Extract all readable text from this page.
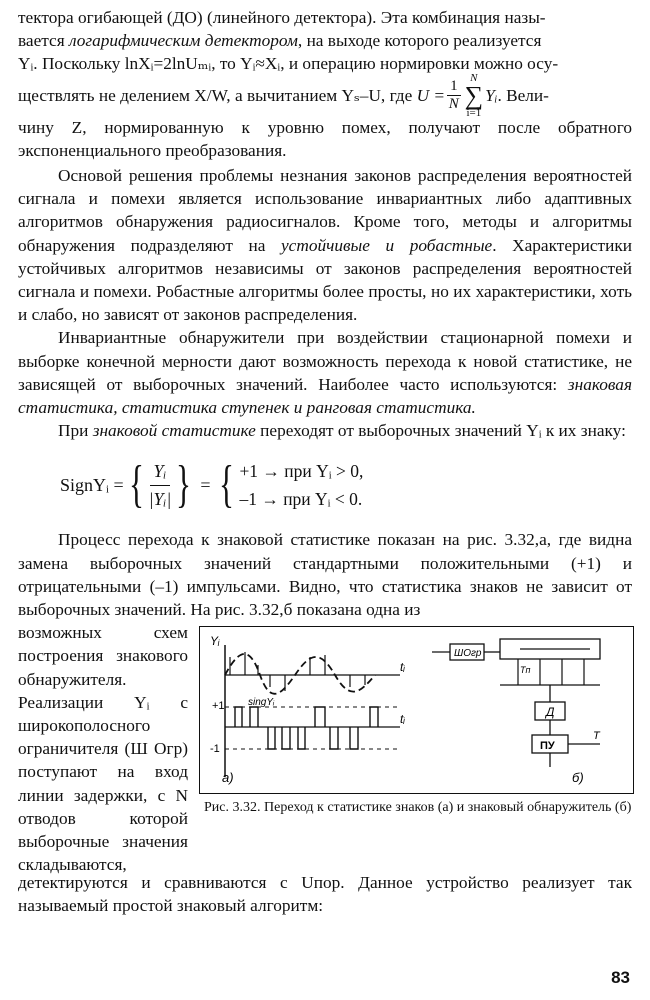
тектора огибающей (ДО) (линейного детектора). Эта комбинация назы-

вается логарифмическим детектором, на выходе которого реализуется

Yᵢ. Поскольку lnXᵢ=2lnUₘᵢ, то Yᵢ≈Xᵢ, и операцию нормировки можно осу-

ществлять не делением X/W, а вычитанием Yₛ–U, где
$U = \frac{1}{N}$
N
∑
i=1
Yᵢ . Вели-

чину Z, нормированную к уровню помех, получают после обратного экспоненциального преобразования.

Основой решения проблемы незнания законов распределения вероятностей сигнала и помехи является использование инвариантных либо адаптивных алгоритмов обнаружения радиосигналов. Кроме того, методы и алгоритмы обнаружения подразделяют на устойчивые и робастные. Характеристики устойчивых алгоритмов независимы от законов распределения вероятностей сигнала и помехи. Робастные алгоритмы более просты, но их характеристики, хоть и слабо, но зависят от законов распределения.

Инвариантные обнаружители при воздействии стационарной помехи и выборке конечной мерности дают возможность перехода к новой статистике, не зависящей от выборочных значений. Наиболее часто используются: знаковая статистика, статистика ступенек и ранговая статистика.

При знаковой статистике переходят от выборочных значений Yᵢ к их знаку:

SignYᵢ = { $\frac{\text{Yᵢ}}{\text{|Yᵢ|}}$ } = { +1 → при Yᵢ > 0,
–1 → при Yᵢ < 0.

Процесс перехода к знаковой статистике показан на рис. 3.32,а, где видна замена выборочных значений стандартными положительными (+1) и отрицательными (–1) импульсами. Видно, что статистика знаков не зависит от выборочных значений. На рис. 3.32,б показана одна из

возможных схем построения знакового обнаружителя. Реализации Yᵢ с широкополосного ограничителя (Ш Огр) поступают на вход линии задержки, с N отводов которой выборочные значения складываются,
Yᵢ
tᵢ
+1 singYᵢ
tᵢ
-1
а)
ШОгр
Tп
Д
ПУ
Т
б)
Рис. 3.32. Переход к статистике знаков (а) и знаковый обнаружитель (б)

детектируются и сравниваются с Uпор. Данное устройство реализует так называемый простой знаковый алгоритм:

83
